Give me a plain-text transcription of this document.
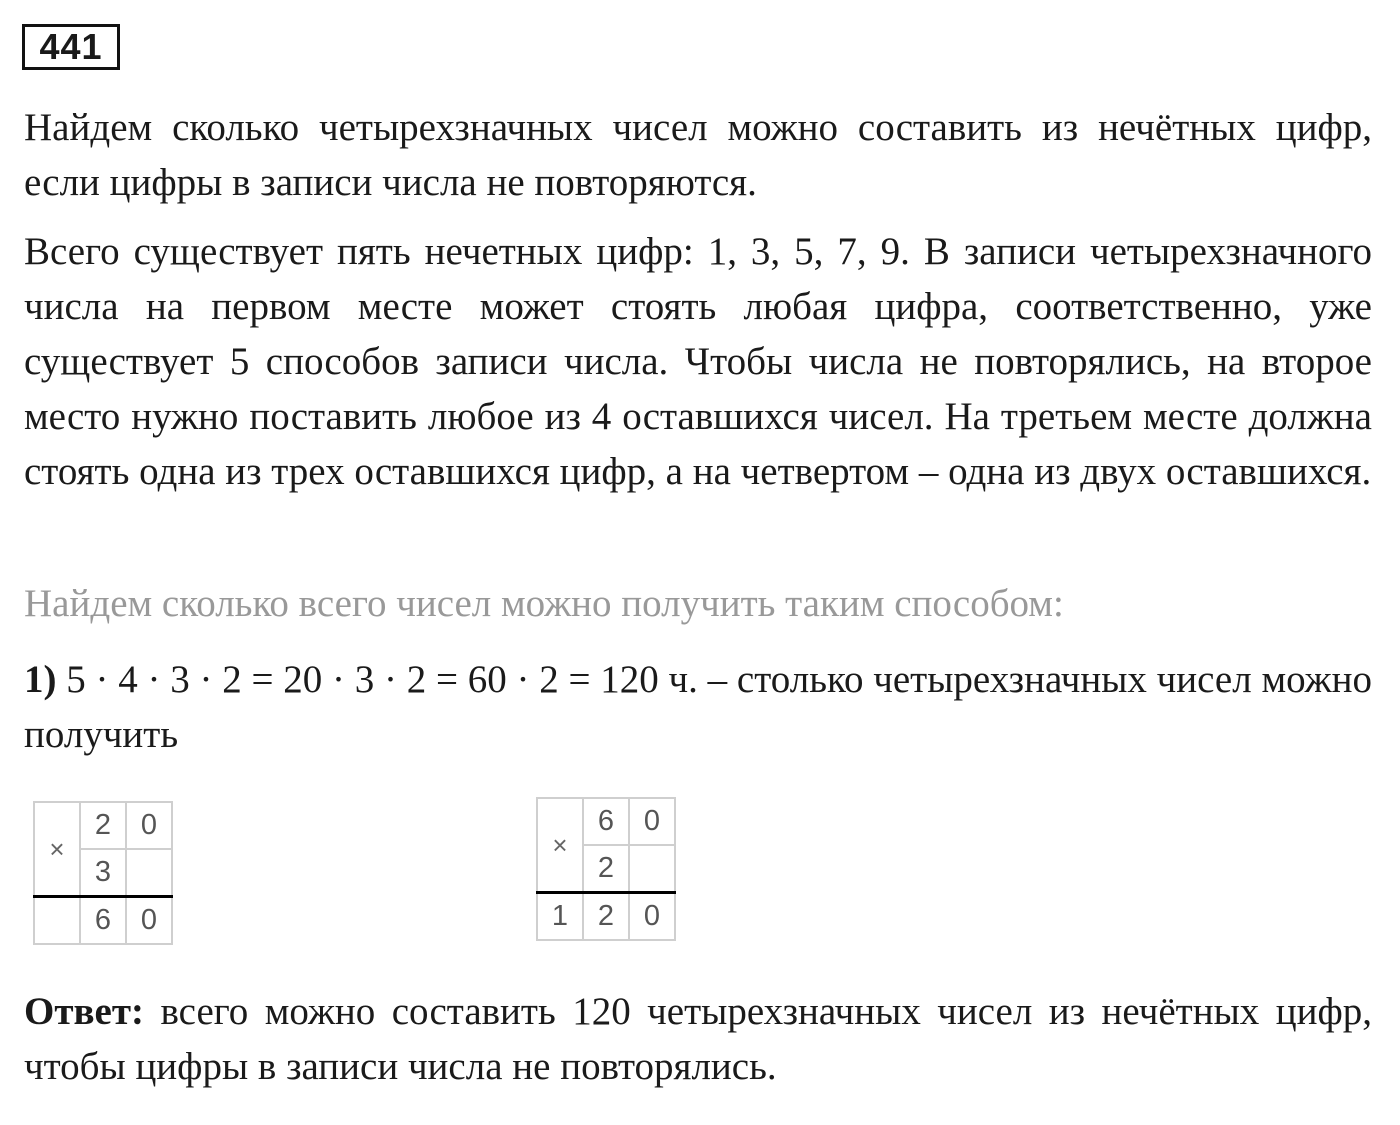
441

Найдем сколько четырехзначных чисел можно составить из нечётных цифр, если цифры в записи числа не повторяются.

Всего существует пять нечетных цифр: 1, 3, 5, 7, 9. В записи четырехзначного числа на первом месте может стоять любая цифра, соответственно, уже существует 5 способов записи числа. Чтобы числа не повторялись, на второе место нужно поставить любое из 4 оставшихся чисел. На третьем месте должна стоять одна из трех оставшихся цифр, а на четвертом – одна из двух оставшихся.

Найдем сколько всего чисел можно получить таким способом:

1) 5 · 4 · 3 · 2 = 20 · 3 · 2 = 60 · 2 = 120 ч. – столько четырехзначных чисел можно получить

×	2	0
	3	
	6	0
×	6	0
	2	
1	2	0

Ответ: всего можно составить 120 четырехзначных чисел из нечётных цифр, чтобы цифры в записи числа не повторялись.
